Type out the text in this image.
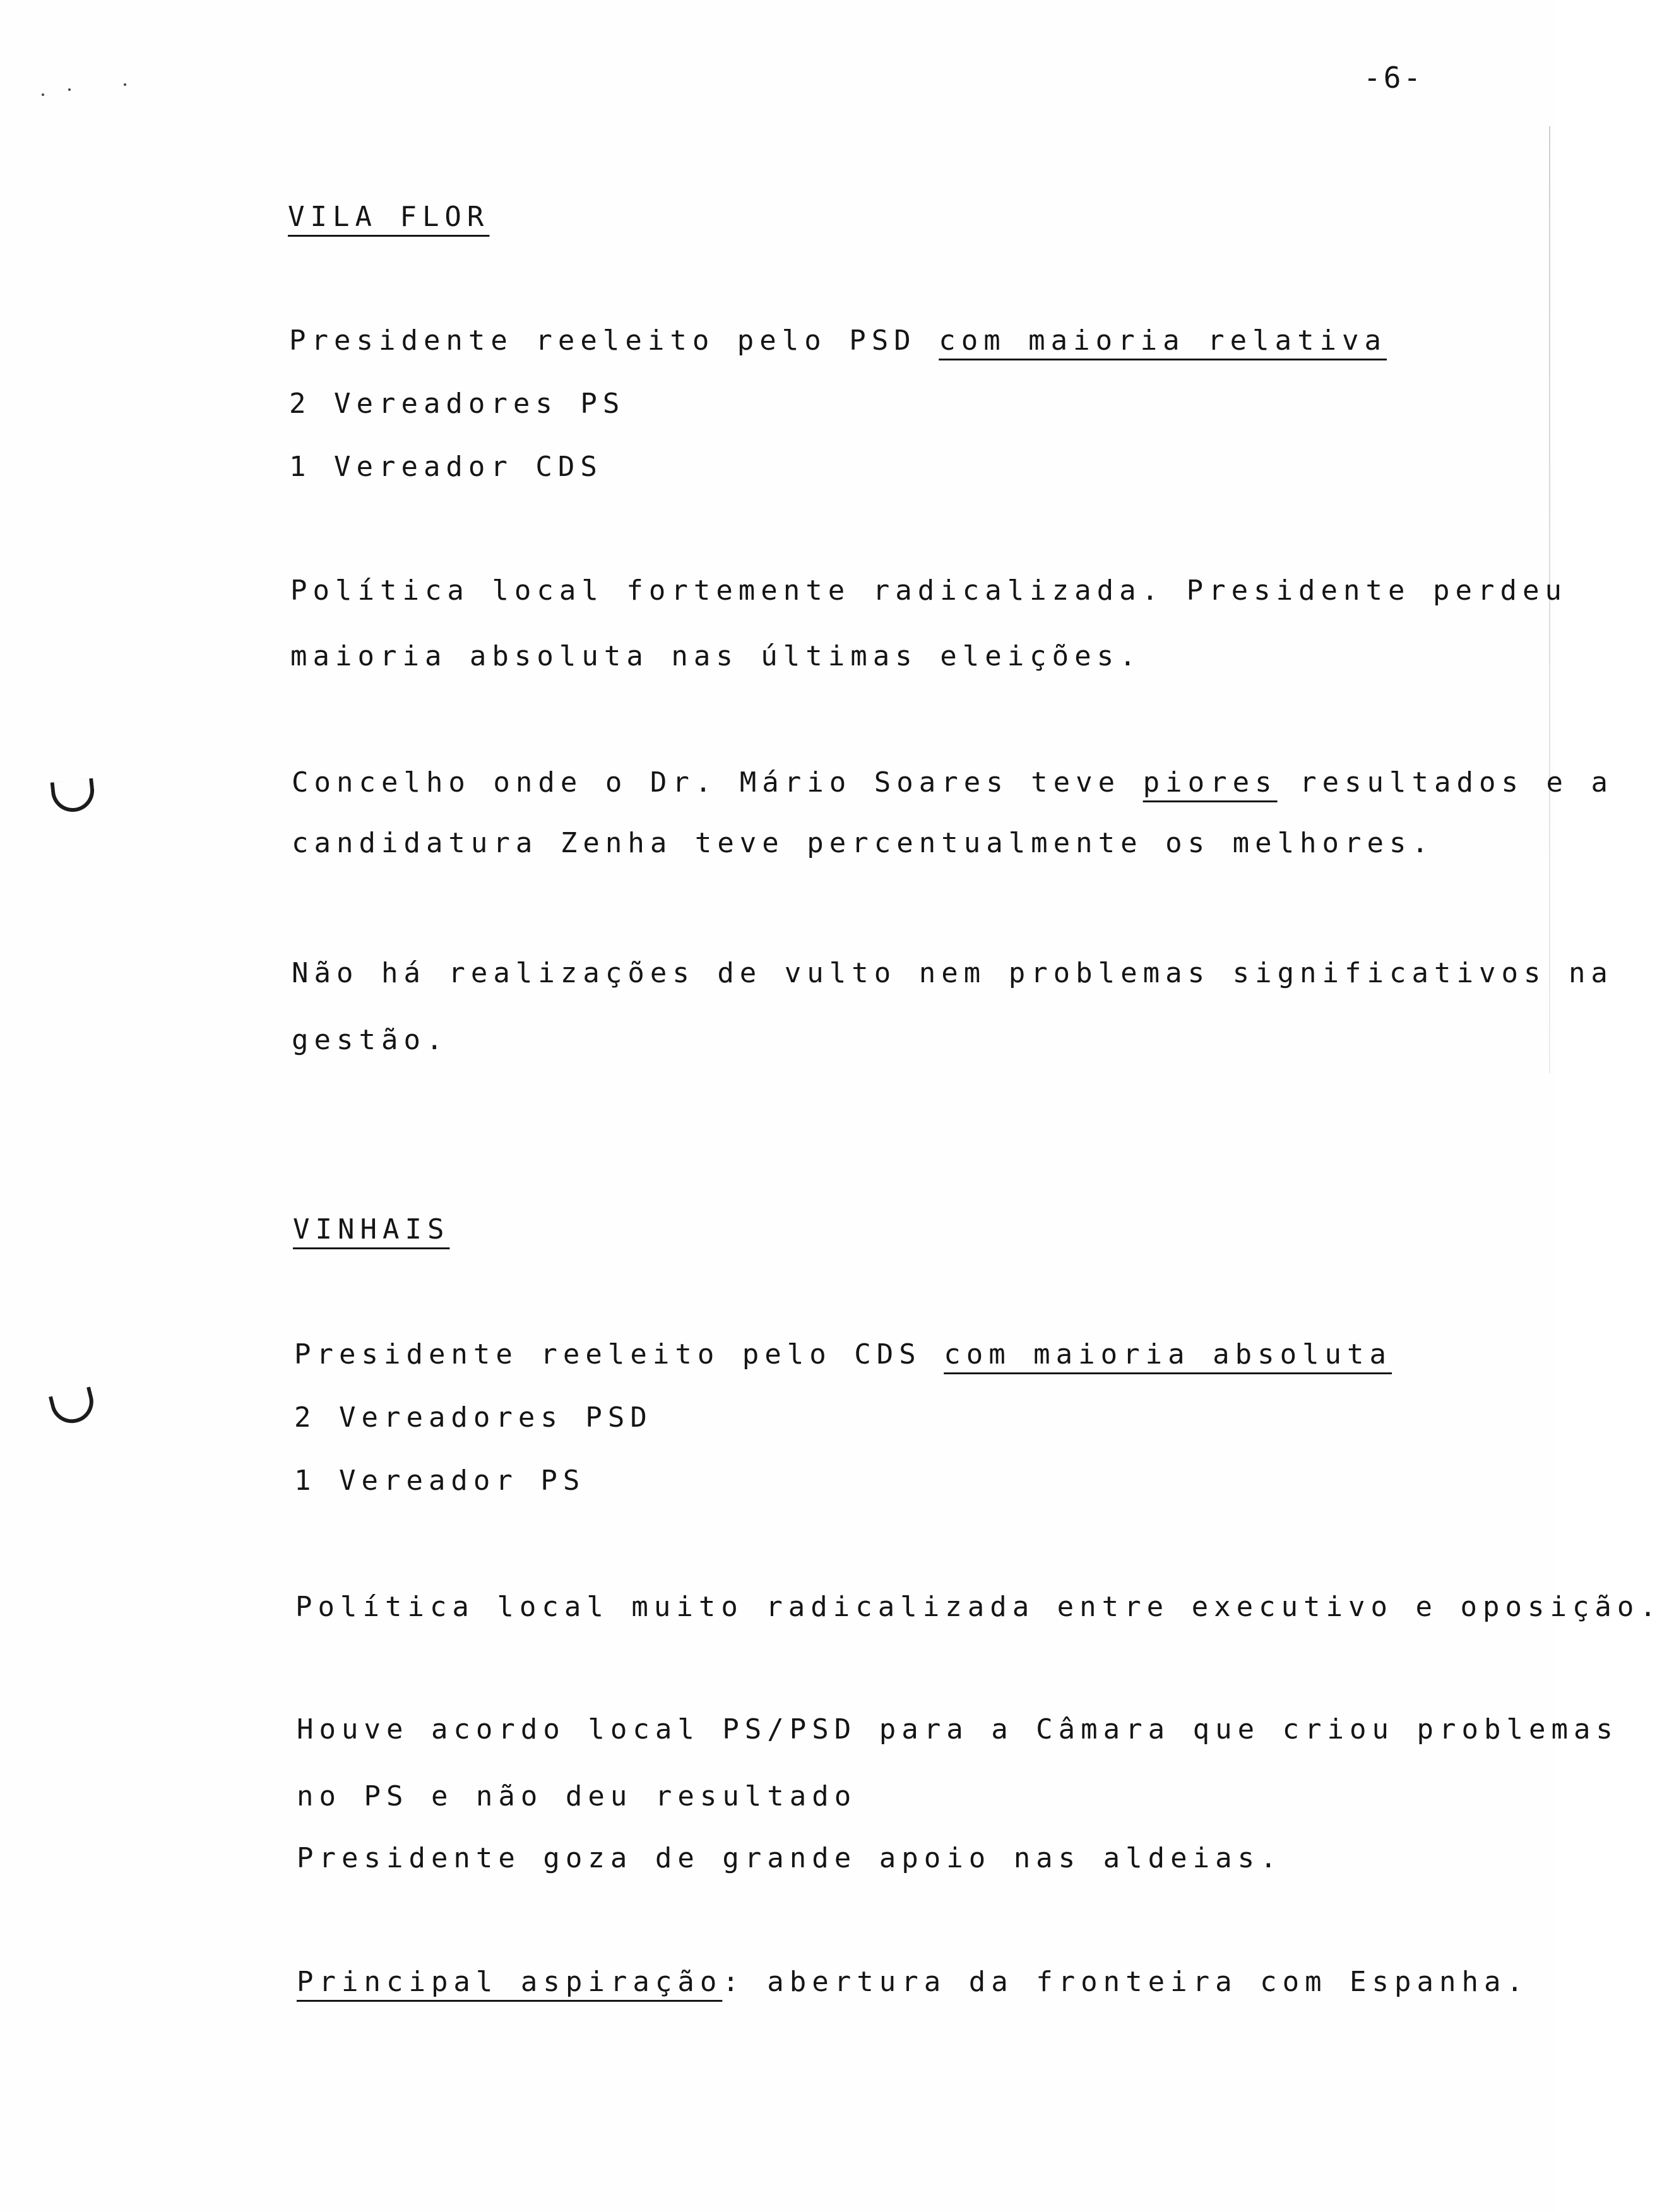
-6-
VILA FLOR
Presidente reeleito pelo PSD com maioria relativa
2 Vereadores PS
1 Vereador CDS
Política local fortemente radicalizada. Presidente perdeu
maioria absoluta nas últimas eleições.
Concelho onde o Dr. Mário Soares teve piores resultados e a
candidatura Zenha teve percentualmente os melhores.
Não há realizações de vulto nem problemas significativos na
gestão.
VINHAIS
Presidente reeleito pelo CDS com maioria absoluta
2 Vereadores PSD
1 Vereador PS
Política local muito radicalizada entre executivo e oposição.
Houve acordo local PS/PSD para a Câmara que criou problemas
no PS e não deu resultado
Presidente goza de grande apoio nas aldeias.
Principal aspiração: abertura da fronteira com Espanha.
